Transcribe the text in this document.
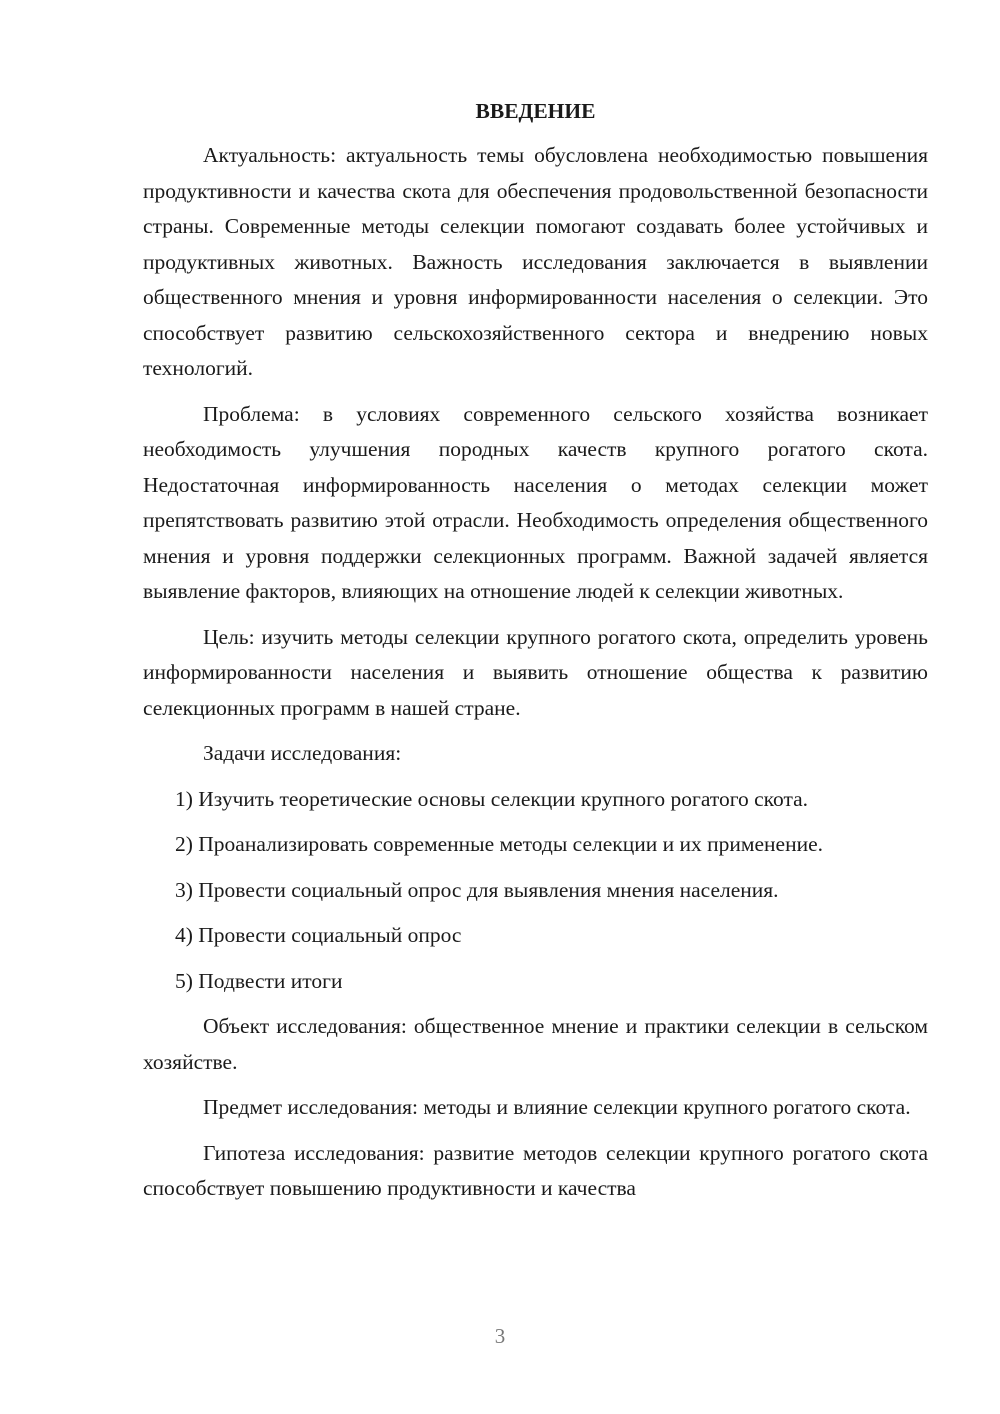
ВВЕДЕНИЕ

Актуальность: актуальность темы обусловлена необходимостью повышения продуктивности и качества скота для обеспечения продовольственной безопасности страны. Современные методы селекции помогают создавать более устойчивых и продуктивных животных. Важность исследования заключается в выявлении общественного мнения и уровня информированности населения о селекции. Это способствует развитию сельскохозяйственного сектора и внедрению новых технологий.

Проблема: в условиях современного сельского хозяйства возникает необходимость улучшения породных качеств крупного рогатого скота. Недостаточная информированность населения о методах селекции может препятствовать развитию этой отрасли. Необходимость определения общественного мнения и уровня поддержки селекционных программ. Важной задачей является выявление факторов, влияющих на отношение людей к селекции животных.

Цель: изучить методы селекции крупного рогатого скота, определить уровень информированности населения и выявить отношение общества к развитию селекционных программ в нашей стране.

Задачи исследования:

1) Изучить теоретические основы селекции крупного рогатого скота.

2) Проанализировать современные методы селекции и их применение.

3) Провести социальный опрос для выявления мнения населения.

4) Провести социальный опрос

5) Подвести итоги

Объект исследования: общественное мнение и практики селекции в сельском хозяйстве.

Предмет исследования: методы и влияние селекции крупного рогатого скота.

Гипотеза исследования: развитие методов селекции крупного рогатого скота способствует повышению продуктивности и качества

3
